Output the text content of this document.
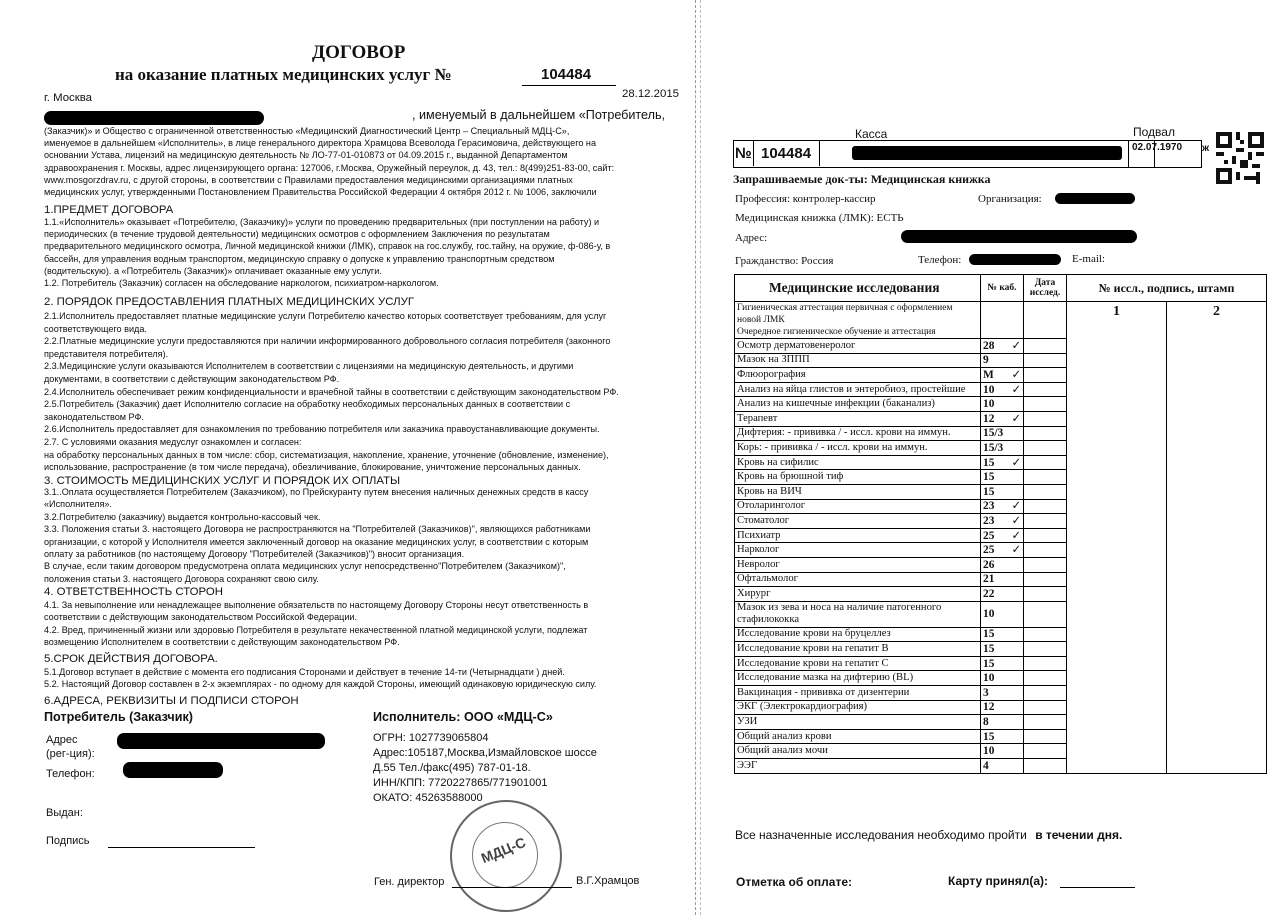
ДОГОВОР
на оказание платных медицинских услуг №	104484
г. Москва	28.12.2015
, именуемый в дальнейшем «Потребитель,
(Заказчик)» и Общество с ограниченной ответственностью «Медицинский Диагностический Центр – Специальный МДЦ-С»,
именуемое в дальнейшем «Исполнитель», в лице генерального директора Храмцова Всеволода Герасимовича, действующего на
основании Устава, лицензий на медицинскую деятельность № ЛО-77-01-010873 от 04.09.2015 г., выданной Департаментом
здравоохранения г. Москвы, адрес лицензирующего органа: 127006, г.Москва, Оружейный переулок, д. 43, тел.: 8(499)251-83-00, сайт:
www.mosgorzdrav.ru, с другой стороны, в соответствии с Правилами предоставления медицинскими организациями платных
медицинских услуг, утвержденными Постановлением Правительства Российской Федерации 4 октября 2012 г. № 1006, заключили
1.ПРЕДМЕТ ДОГОВОРА
1.1.«Исполнитель» оказывает «Потребителю, (Заказчику)» услуги по проведению предварительных (при поступлении на работу) и
периодических (в течение трудовой деятельности) медицинских осмотров с оформлением Заключения по результатам
предварительного медицинского осмотра, Личной медицинской книжки (ЛМК), справок на гос.службу, гос.тайну, на оружие, ф-086-у, в
бассейн, для управления водным транспортом, медицинскую справку о допуске к управлению транспортным средством
(водительскую). а «Потребитель (Заказчик)» оплачивает оказанные ему услуги.
1.2. Потребитель (Заказчик) согласен на обследование наркологом, психиатром-наркологом.
2. ПОРЯДОК ПРЕДОСТАВЛЕНИЯ ПЛАТНЫХ МЕДИЦИНСКИХ УСЛУГ
2.1.Исполнитель предоставляет платные медицинские услуги Потребителю качество которых соответствует требованиям, для услуг
соответствующего вида.
2.2.Платные медицинские услуги предоставляются при наличии информированного добровольного согласия потребителя (законного
представителя потребителя).
2.3.Медицинские услуги оказываются Исполнителем в соответствии с лицензиями на медицинскую деятельность, и другими
документами, в соответствии с действующим законодательством РФ.
2.4.Исполнитель обеспечивает режим конфиденциальности и врачебной тайны в соответствии с действующим законодательством РФ.
2.5.Потребитель (Заказчик) дает Исполнителю согласие на обработку необходимых персональных данных в соответствии с
законодательством РФ.
2.6.Исполнитель предоставляет для ознакомления по требованию потребителя или заказчика правоустанавливающие документы.
2.7. С условиями оказания медуслуг ознакомлен и согласен:
на обработку персональных данных в том числе: сбор, систематизация, накопление, хранение, уточнение (обновление, изменение),
использование, распространение (в том числе передача), обезличивание, блокирование, уничтожение персональных данных.
3. СТОИМОСТЬ МЕДИЦИНСКИХ УСЛУГ И ПОРЯДОК ИХ ОПЛАТЫ
3.1..Оплата осуществляется Потребителем (Заказчиком), по Прейскуранту путем внесения наличных денежных средств в кассу
«Исполнителя».
3.2.Потребителю (заказчику) выдается контрольно-кассовый чек.
3.3. Положения статьи 3. настоящего Договора не распространяются на "Потребителей (Заказчиков)", являющихся работниками
организации, с которой у Исполнителя имеется заключенный договор на оказание медицинских услуг, в соответствии с которым
оплату за работников (по настоящему Договору "Потребителей (Заказчиков)") вносит организация.
В случае, если таким договором предусмотрена оплата медицинских услуг непосредственно"Потребителем (Заказчиком)",
положения статьи 3. настоящего Договора сохраняют свою силу.
4. ОТВЕТСТВЕННОСТЬ СТОРОН
4.1. За невыполнение или ненадлежащее выполнение обязательств по настоящему Договору Стороны несут ответственность в
соответствии с действующим законодательством Российской Федерации.
4.2. Вред, причиненный жизни или здоровью Потребителя в результате некачественной платной медицинской услуги, подлежат
возмещению Исполнителем в соответствии с действующим законодательством РФ.
5.СРОК ДЕЙСТВИЯ ДОГОВОРА.
5.1.Договор вступает в действие с момента его подписания Сторонами и действует в течение 14-ти (Четырнадцати ) дней.
5.2. Настоящий Договор составлен в 2-х экземплярах - по одному для каждой Стороны, имеющий одинаковую юридическую силу.
6.АДРЕСА, РЕКВИЗИТЫ И ПОДПИСИ СТОРОН
Потребитель (Заказчик)	Исполнитель: ООО «МДЦ-С»
Адрес
(рег-ция):
Телефон:
Выдан:
Подпись
ОГРН: 1027739065804
Адрес:105187,Москва,Измайловское шоссе
Д.55 Тел./факс(495) 787-01-18.
ИНН/КПП: 7720227865/771901001
ОКАТО: 45263588000
МДЦ-С
Ген. директор	В.Г.Храмцов
Касса	Подвал
№ 104484	02.07.1970 ж
Запрашиваемые док-ты: Медицинская книжка
Профессия: контролер-кассир	Организация:
Медицинская книжка (ЛМК): ЕСТЬ
Адрес:
Гражданство: Россия	Телефон:	E-mail:
Медицинские исследования	№ каб.	Дата исслед.	№ иссл., подпись, штамп	

Гигиеническая аттестация первичная с оформлением новой ЛМК
Очередное гигиеническое обучение и аттестация			1	2
Осмотр дерматовенеролог	28 ✓			

Мазок на ЗППП	9			
Флюорография	М ✓			

Анализ на яйца глистов и энтеробиоз, простейшие	10 ✓			

Анализ на кишечные инфекции (баканализ)	10			
Терапевт	12 ✓			

Дифтерия: - прививка / - иссл. крови на иммун.	15/3			
Корь: - прививка / - иссл. крови на иммун.	15/3			
Кровь на сифилис	15 ✓			

Кровь на брюшной тиф	15			
Кровь на ВИЧ	15			
Отоларинголог	23 ✓			

Стоматолог	23 ✓			

Психиатр	25 ✓			

Нарколог	25 ✓			

Невролог	26			
Офтальмолог	21			
Хирург	22			
Мазок из зева и носа на наличие патогенного стафилококка	10			
Исследование крови на бруцеллез	15			
Исследование крови на гепатит В	15			
Исследование крови на гепатит С	15			
Исследование мазка на дифтерию (BL)	10			
Вакцинация - прививка от дизентерии	3			
ЭКГ (Электрокардиография)	12			
УЗИ	8			
Общий анализ крови	15			
Общий анализ мочи	10			
ЭЭГ	4			
Все назначенные исследования необходимо пройти в течении дня.
Отметка об оплате:	Карту принял(а):
